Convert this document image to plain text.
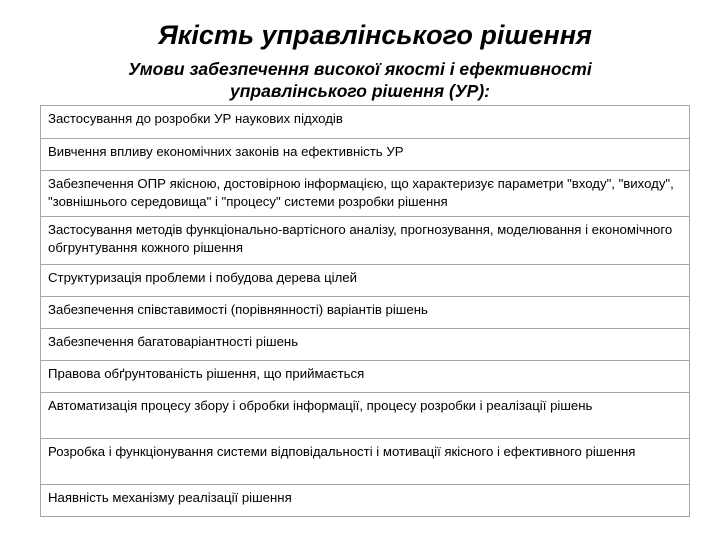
Якість управлінського рішення
Умови забезпечення високої якості і ефективності управлінського рішення (УР):
Застосування до розробки УР наукових підходів
Вивчення впливу економічних законів на ефективність УР
Забезпечення ОПР якісною, достовірною інформацією, що характеризує параметри "входу", "виходу", "зовнішнього середовища" і "процесу" системи розробки рішення
Застосування методів функціонально-вартісного аналізу, прогнозування, моделювання і економічного обгрунтування кожного рішення
Структуризація проблеми і побудова дерева цілей
Забезпечення співставимості (порівнянності) варіантів рішень
Забезпечення багатоваріантності рішень
Правова обґрунтованість рішення, що приймається
Автоматизація процесу збору і обробки інформації, процесу розробки і реалізації рішень
Розробка і функціонування системи відповідальності і мотивації якісного і ефективного рішення
Наявність механізму реалізації рішення
